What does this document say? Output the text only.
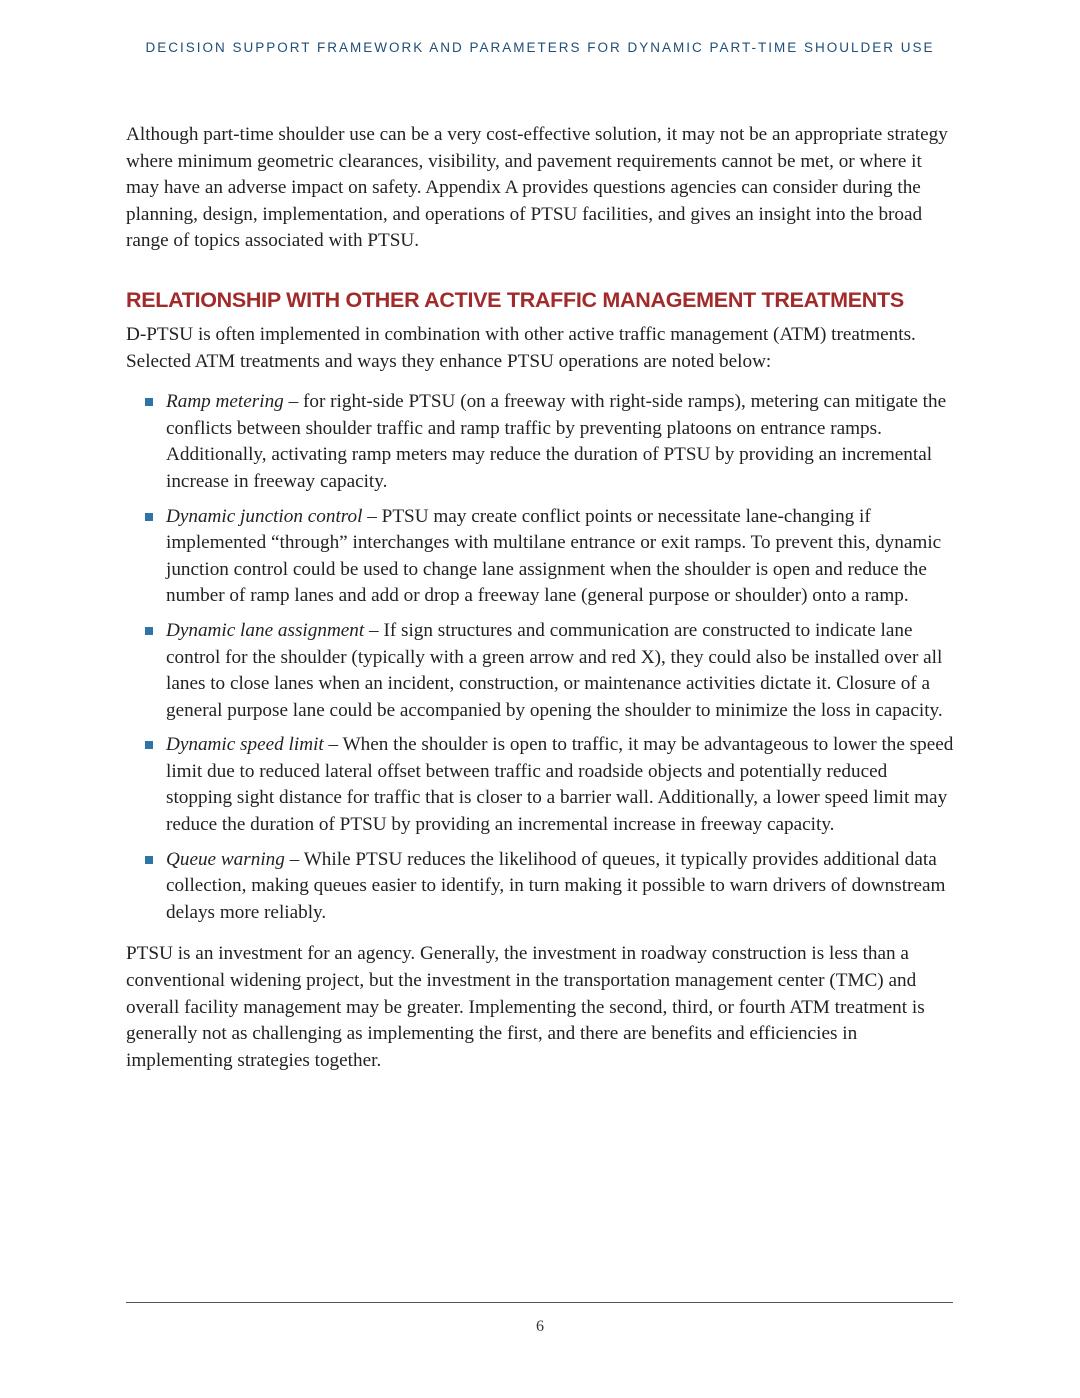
DECISION SUPPORT FRAMEWORK AND PARAMETERS FOR DYNAMIC PART-TIME SHOULDER USE

Although part-time shoulder use can be a very cost-effective solution, it may not be an appropriate strategy where minimum geometric clearances, visibility, and pavement requirements cannot be met, or where it may have an adverse impact on safety. Appendix A provides questions agencies can consider during the planning, design, implementation, and operations of PTSU facilities, and gives an insight into the broad range of topics associated with PTSU.

RELATIONSHIP WITH OTHER ACTIVE TRAFFIC MANAGEMENT TREATMENTS

D-PTSU is often implemented in combination with other active traffic management (ATM) treatments. Selected ATM treatments and ways they enhance PTSU operations are noted below:

Ramp metering – for right-side PTSU (on a freeway with right-side ramps), metering can mitigate the conflicts between shoulder traffic and ramp traffic by preventing platoons on entrance ramps. Additionally, activating ramp meters may reduce the duration of PTSU by providing an incremental increase in freeway capacity.
Dynamic junction control – PTSU may create conflict points or necessitate lane-changing if implemented “through” interchanges with multilane entrance or exit ramps. To prevent this, dynamic junction control could be used to change lane assignment when the shoulder is open and reduce the number of ramp lanes and add or drop a freeway lane (general purpose or shoulder) onto a ramp.
Dynamic lane assignment – If sign structures and communication are constructed to indicate lane control for the shoulder (typically with a green arrow and red X), they could also be installed over all lanes to close lanes when an incident, construction, or maintenance activities dictate it. Closure of a general purpose lane could be accompanied by opening the shoulder to minimize the loss in capacity.
Dynamic speed limit – When the shoulder is open to traffic, it may be advantageous to lower the speed limit due to reduced lateral offset between traffic and roadside objects and potentially reduced stopping sight distance for traffic that is closer to a barrier wall. Additionally, a lower speed limit may reduce the duration of PTSU by providing an incremental increase in freeway capacity.
Queue warning – While PTSU reduces the likelihood of queues, it typically provides additional data collection, making queues easier to identify, in turn making it possible to warn drivers of downstream delays more reliably.

PTSU is an investment for an agency. Generally, the investment in roadway construction is less than a conventional widening project, but the investment in the transportation management center (TMC) and overall facility management may be greater. Implementing the second, third, or fourth ATM treatment is generally not as challenging as implementing the first, and there are benefits and efficiencies in implementing strategies together.

6
